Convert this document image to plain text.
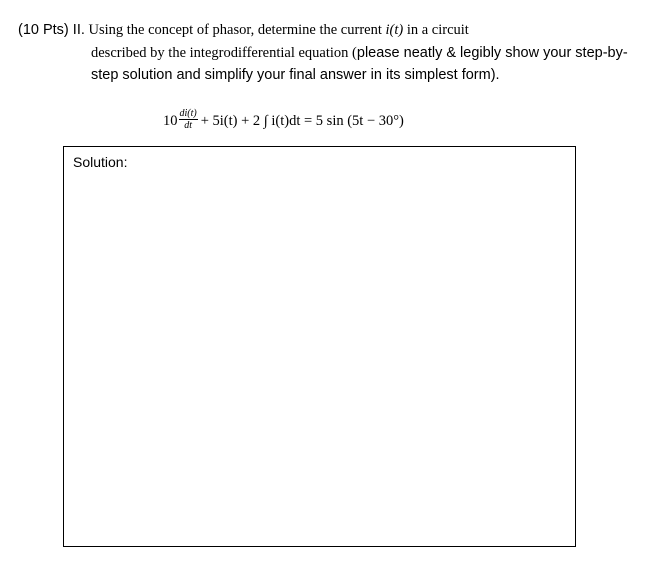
(10 Pts) II. Using the concept of phasor, determine the current i(t) in a circuit
described by the integrodifferential equation (please neatly & legibly show your step-by-
step solution and simplify your final answer in its simplest form).
$10 \frac{di(t)}{dt} + 5i(t) + 2$ ∫ i(t)dt = 5 sin (5t − 30°)
Solution:
